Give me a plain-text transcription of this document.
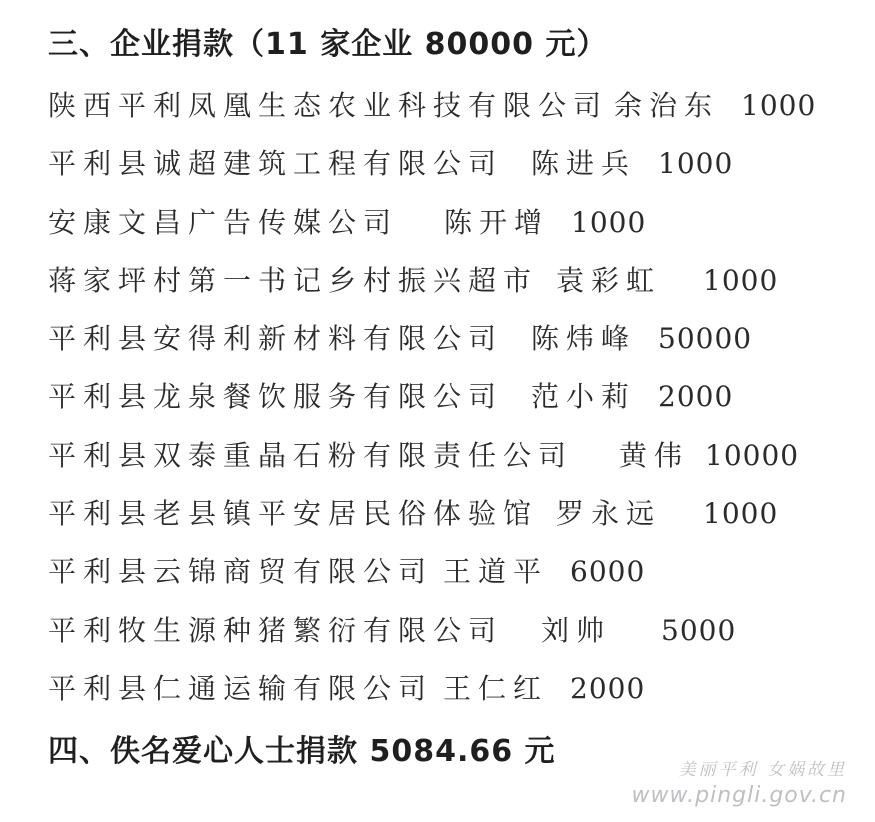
三、企业捐款（11 家企业 80000 元）
陕西平利凤凰生态农业科技有限公司 余治东 1000
平利县诚超建筑工程有限公司 陈进兵 1000
安康文昌广告传媒公司 陈开增 1000
蒋家坪村第一书记乡村振兴超市 袁彩虹 1000
平利县安得利新材料有限公司 陈炜峰 50000
平利县龙泉餐饮服务有限公司 范小莉 2000
平利县双泰重晶石粉有限责任公司 黄伟 10000
平利县老县镇平安居民俗体验馆 罗永远 1000
平利县云锦商贸有限公司 王道平 6000
平利牧生源种猪繁衍有限公司 刘帅 5000
平利县仁通运输有限公司 王仁红 2000
四、佚名爱心人士捐款 5084.66 元
美丽平利 女娲故里
www.pingli.gov.cn
